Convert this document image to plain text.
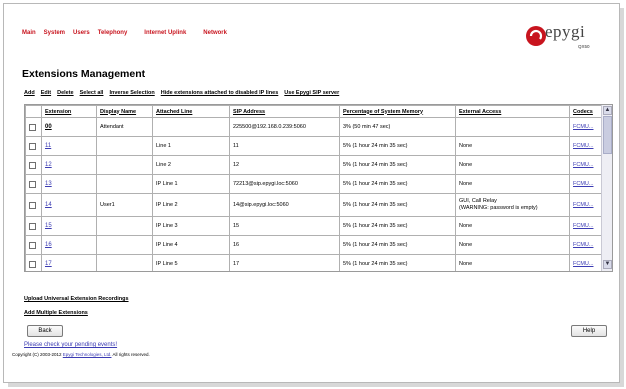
Main System Users Telephony	Internet Uplink	Network	epygi
QX50
Extensions Management
Add Edit Delete Select all Inverse Selection Hide extensions attached to disabled IP lines Use Epygi SIP server
	Extension	Display Name	Attached Line	SIP Address	Percentage of System Memory	External Access	Codecs
	00	Attendant		225500@192.168.0.239:5060	3% (50 min 47 sec)		FCMU...
	11		Line 1	11	5% (1 hour 24 min 35 sec)	None	FCMU...
	12		Line 2	12	5% (1 hour 24 min 35 sec)	None	FCMU...
	13		IP Line 1	72213@sip.epygi.loc:5060	5% (1 hour 24 min 35 sec)	None	FCMU...
	14	User1	IP Line 2	14@sip.epygi.loc:5060	5% (1 hour 24 min 35 sec)	GUI, Call Relay
(WARNING: password is empty)	FCMU...
	15		IP Line 3	15	5% (1 hour 24 min 35 sec)	None	FCMU...
	16		IP Line 4	16	5% (1 hour 24 min 35 sec)	None	FCMU...
	17		IP Line 5	17	5% (1 hour 24 min 35 sec)	None	FCMU...
▲
▼
Upload Universal Extension Recordings
Add Multiple Extensions
Back	Help
Please check your pending events!
Copyright (C) 2003-2012 Epygi Technologies, Ltd. All rights reserved.
